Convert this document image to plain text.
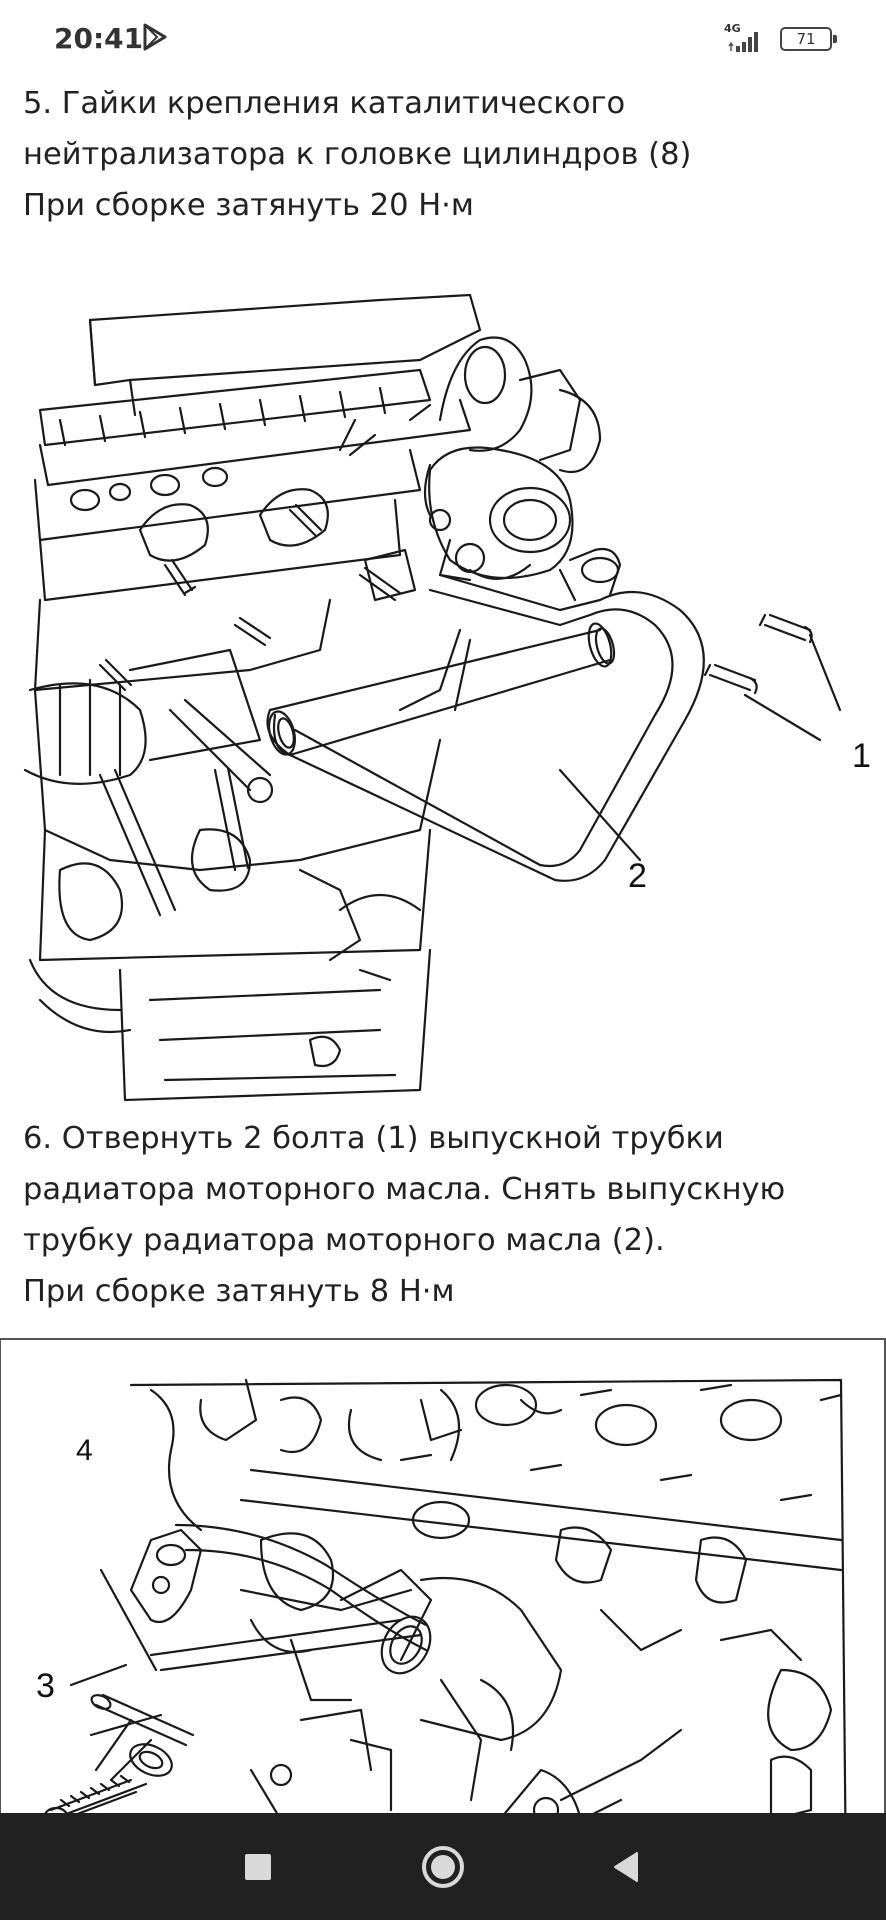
20:41	4G
71

5. Гайки крепления каталитического

нейтрализатора к головке цилиндров (8)

При сборке затянуть 20 Н·м

1
2

6. Отвернуть 2 болта (1) выпускной трубки

радиатора моторного масла. Снять выпускную

трубку радиатора моторного масла (2).

При сборке затянуть 8 Н·м

4
3
